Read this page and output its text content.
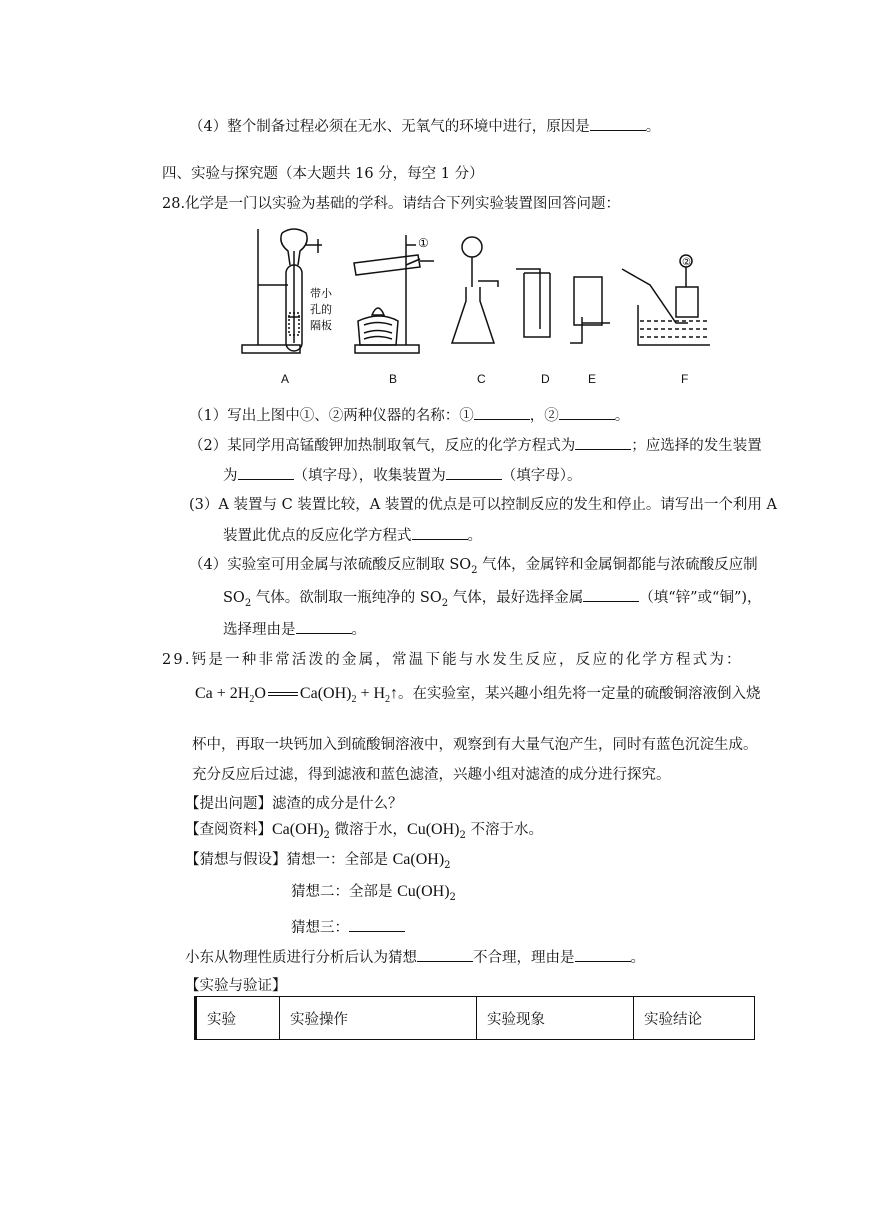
（4）整个制备过程必须在无水、无氧气的环境中进行，原因是	。
四、实验与探究题（本大题共 16 分，每空 1 分）
28.化学是一门以实验为基础的学科。请结合下列实验装置图回答问题：
①
②
带小
孔的
隔板
A	B	C	D	E	F
（1）写出上图中①、②两种仪器的名称：①	，②	。
（2）某同学用高锰酸钾加热制取氧气，反应的化学方程式为	；应选择的发生装置
为	（填字母），收集装置为	（填字母）。
(3）A 装置与 C 装置比较，A 装置的优点是可以控制反应的发生和停止。请写出一个利用 A
装置此优点的反应化学方程式	。
（4）实验室可用金属与浓硫酸反应制取 $SO_2$ 气体，金属锌和金属铜都能与浓硫酸反应制
$SO_2$ 气体。欲制取一瓶纯净的 $SO_2$ 气体，最好选择金属	（填“锌”或“铜”)，
选择理由是	。
29.钙是一种非常活泼的金属，常温下能与水发生反应，反应的化学方程式为：
$Ca + 2H_2O$ $Ca(OH)_2$ + $H_2↑$。在实验室，某兴趣小组先将一定量的硫酸铜溶液倒入烧
杯中，再取一块钙加入到硫酸铜溶液中，观察到有大量气泡产生，同时有蓝色沉淀生成。
充分反应后过滤，得到滤液和蓝色滤渣，兴趣小组对滤渣的成分进行探究。
【提出问题】滤渣的成分是什么？
【查阅资料】$Ca(OH)_2$ 微溶于水，$Cu(OH)_2$ 不溶于水。
【猜想与假设】猜想一：全部是 $Ca(OH)_2$
猜想二：全部是 $Cu(OH)_2$
猜想三：
小东从物理性质进行分析后认为猜想	不合理，理由是	。
【实验与验证】
实验	实验操作	实验现象	实验结论
